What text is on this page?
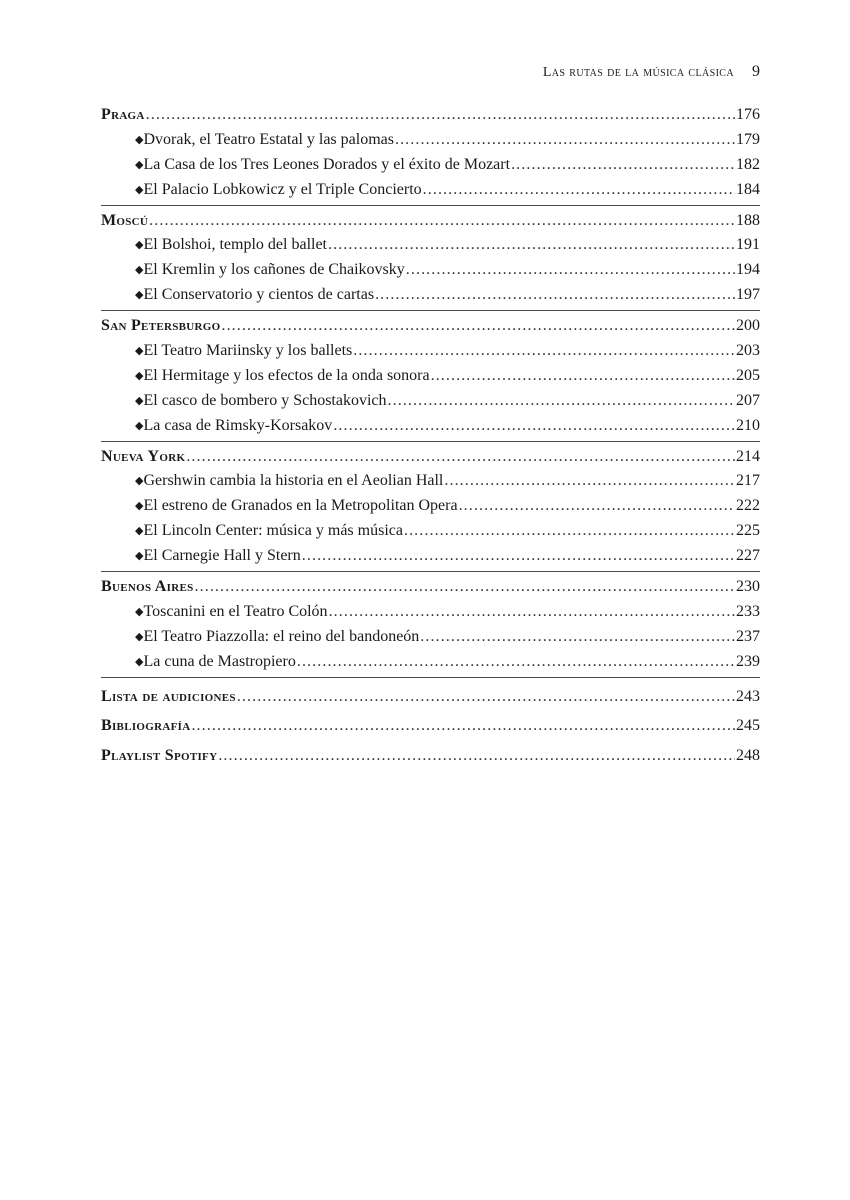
Las rutas de la música clásica 9
Praga .....	176
◆ Dvorak, el Teatro Estatal y las palomas .....	179
◆ La Casa de los Tres Leones Dorados y el éxito de Mozart .....	182
◆ El Palacio Lobkowicz y el Triple Concierto .....	184
Moscú .....	188
◆ El Bolshoi, templo del ballet .....	191
◆ El Kremlin y los cañones de Chaikovsky .....	194
◆ El Conservatorio y cientos de cartas .....	197
San Petersburgo .....	200
◆ El Teatro Mariinsky y los ballets .....	203
◆ El Hermitage y los efectos de la onda sonora .....	205
◆ El casco de bombero y Schostakovich .....	207
◆ La casa de Rimsky-Korsakov .....	210
Nueva York .....	214
◆ Gershwin cambia la historia en el Aeolian Hall .....	217
◆ El estreno de Granados en la Metropolitan Opera .....	222
◆ El Lincoln Center: música y más música .....	225
◆ El Carnegie Hall y Stern .....	227
Buenos Aires .....	230
◆ Toscanini en el Teatro Colón .....	233
◆ El Teatro Piazzolla: el reino del bandoneón .....	237
◆ La cuna de Mastropiero .....	239
Lista de audiciones .....	243
Bibliografía .....	245
Playlist Spotify .....	248
